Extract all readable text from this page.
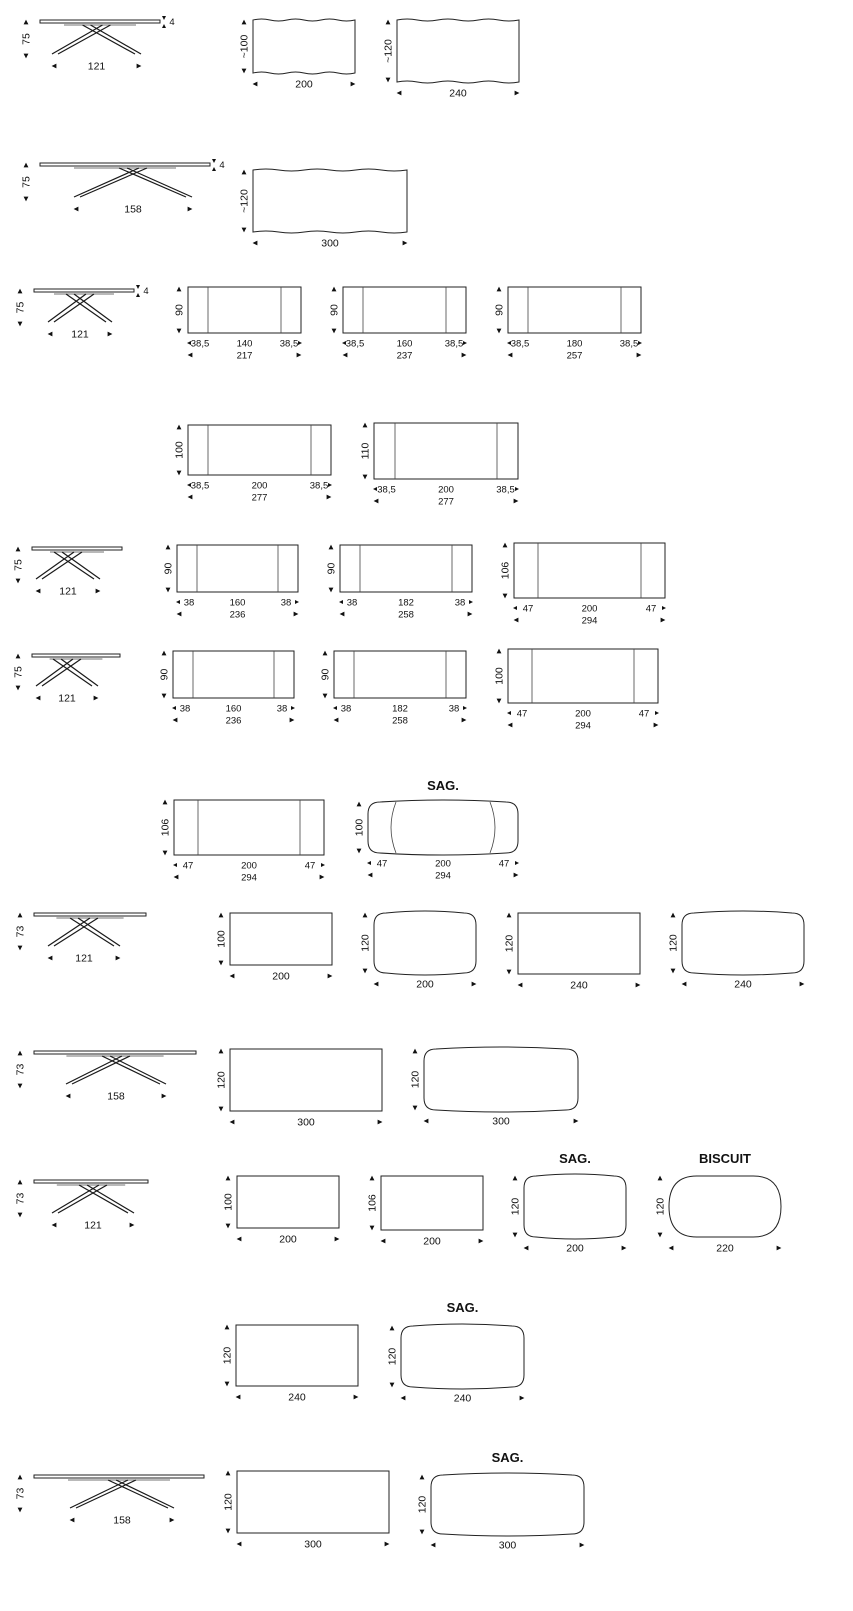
75
121
4
200
~100
240
~120
75
158
4
300
~120
75
121
4
38,5	140	38,5
217
90
38,5	160	38,5
237
90
38,5	180	38,5
257
90
38,5	200	38,5
277
100
38,5	200	38,5
277
110
75
121
38	160	38
236
90
38	182	38
258
90
47	200	47
294
106
75
121
38	160	38
236
90
38	182	38
258
90
47	200	47
294
100
47	200	47
294
106
47	200	47
294
100
SAG.
73
121
200
100
200
120
240
120
240
120
73
158
300
120
300
120
73
121
200
100
200
106
200
120
SAG.
220
120
BISCUIT
240
120
240
120
SAG.
73
158
300
120
300
120
SAG.
